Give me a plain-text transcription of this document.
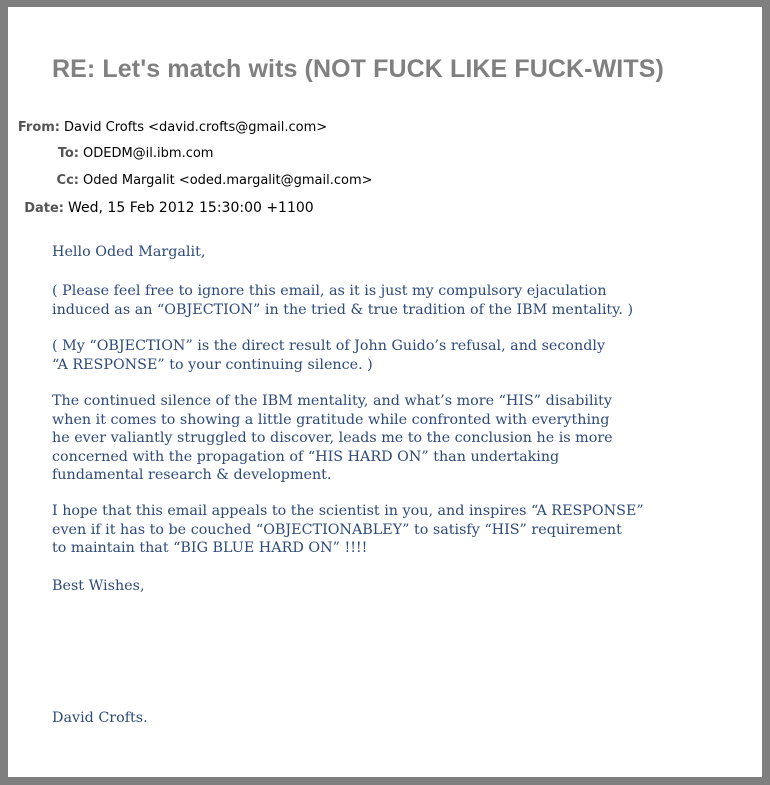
RE: Let's match wits (NOT FUCK LIKE FUCK-WITS)
From: David Crofts <david.crofts@gmail.com>
To: ODEDM@il.ibm.com
Cc: Oded Margalit <oded.margalit@gmail.com>
Date: Wed, 15 Feb 2012 15:30:00 +1100

Hello Oded Margalit,

( Please feel free to ignore this email, as it is just my compulsory ejaculation
induced as an “OBJECTION” in the tried & true tradition of the IBM mentality. )
( My “OBJECTION” is the direct result of John Guido’s refusal, and secondly
“A RESPONSE” to your continuing silence. )
The continued silence of the IBM mentality, and what’s more “HIS” disability
when it comes to showing a little gratitude while confronted with everything
he ever valiantly struggled to discover, leads me to the conclusion he is more
concerned with the propagation of “HIS HARD ON” than undertaking
fundamental research & development.
I hope that this email appeals to the scientist in you, and inspires “A RESPONSE”
even if it has to be couched “OBJECTIONABLEY” to satisfy “HIS” requirement
to maintain that “BIG BLUE HARD ON” !!!!

Best Wishes,

David Crofts.
